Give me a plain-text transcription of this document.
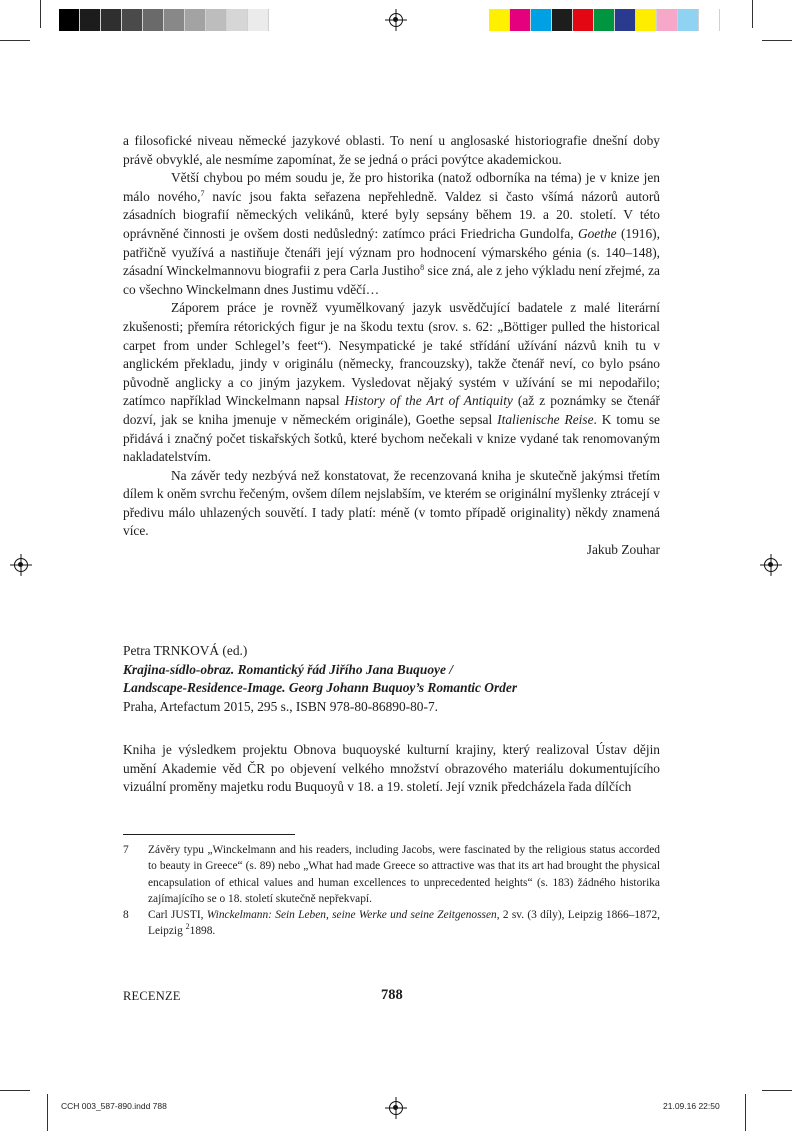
a filosofické niveau německé jazykové oblasti. To není u anglosaské historiografie dnešní doby právě obvyklé, ale nesmíme zapomínat, že se jedná o práci povýtce akademickou.

Větší chybou po mém soudu je, že pro historika (natož odborníka na téma) je v knize jen málo nového,$^7$ navíc jsou fakta seřazena nepřehledně. Valdez si často všímá názorů autorů zásadních biografií německých velikánů, které byly sepsány během 19. a 20. století. V této oprávněné činnosti je ovšem dosti nedůsledný: zatímco práci Friedricha Gundolfa, Goethe (1916), patřičně využívá a nastiňuje čtenáři její význam pro hodnocení výmarského génia (s. 140–148), zásadní Winckelmannovu biografii z pera Carla Justiho$^8$ sice zná, ale z jeho výkladu není zřejmé, za co všechno Winckelmann dnes Justimu vděčí…

Záporem práce je rovněž vyumělkovaný jazyk usvědčující badatele z malé literární zkušenosti; přemíra rétorických figur je na škodu textu (srov. s. 62: „Böttiger pulled the historical carpet from under Schlegel’s feet“). Nesympatické je také střídání užívání názvů knih tu v anglickém překladu, jindy v originálu (německy, francouzsky), takže čtenář neví, co bylo psáno původně anglicky a co jiným jazykem. Vysledovat nějaký systém v užívání se mi nepodařilo; zatímco například Winckelmann napsal History of the Art of Antiquity (až z poznámky se čtenář dozví, jak se kniha jmenuje v německém originále), Goethe sepsal Italienische Reise. K tomu se přidává i značný počet tiskařských šotků, které bychom nečekali v knize vydané tak renomovaným nakladatelstvím.

Na závěr tedy nezbývá než konstatovat, že recenzovaná kniha je skutečně jakýmsi třetím dílem k oněm svrchu řečeným, ovšem dílem nejslabším, ve kterém se originální myšlenky ztrácejí v předivu málo uhlazených souvětí. I tady platí: méně (v tomto případě originality) někdy znamená více.

Jakub Zouhar

Petra TRNKOVÁ (ed.)
Krajina-sídlo-obraz. Romantický řád Jiřího Jana Buquoye /
Landscape-Residence-Image. Georg Johann Buquoy’s Romantic Order
Praha, Artefactum 2015, 295 s., ISBN 978-80-86890-80-7.

Kniha je výsledkem projektu Obnova buquoyské kulturní krajiny, který realizoval Ústav dějin umění Akademie věd ČR po objevení velkého množství obrazového materiálu dokumentujícího vizuální proměny majetku rodu Buquoyů v 18. a 19. století. Její vznik předcházela řada dílčích

7	Závěry typu „Winckelmann and his readers, including Jacobs, were fascinated by the religious status accorded to beauty in Greece“ (s. 89) nebo „What had made Greece so attractive was that its art had brought the physical encapsulation of ethical values and human excellences to unprecedented heights“ (s. 183) žádného historika zajímajícího se o 18. století skutečně nepřekvapí.
8	Carl JUSTI, Winckelmann: Sein Leben, seine Werke und seine Zeitgenossen, 2 sv. (3 díly), Leipzig 1866–1872, Leipzig $^2$1898.
RECENZE	788
CCH 003_587-890.indd 788	21.09.16 22:50
